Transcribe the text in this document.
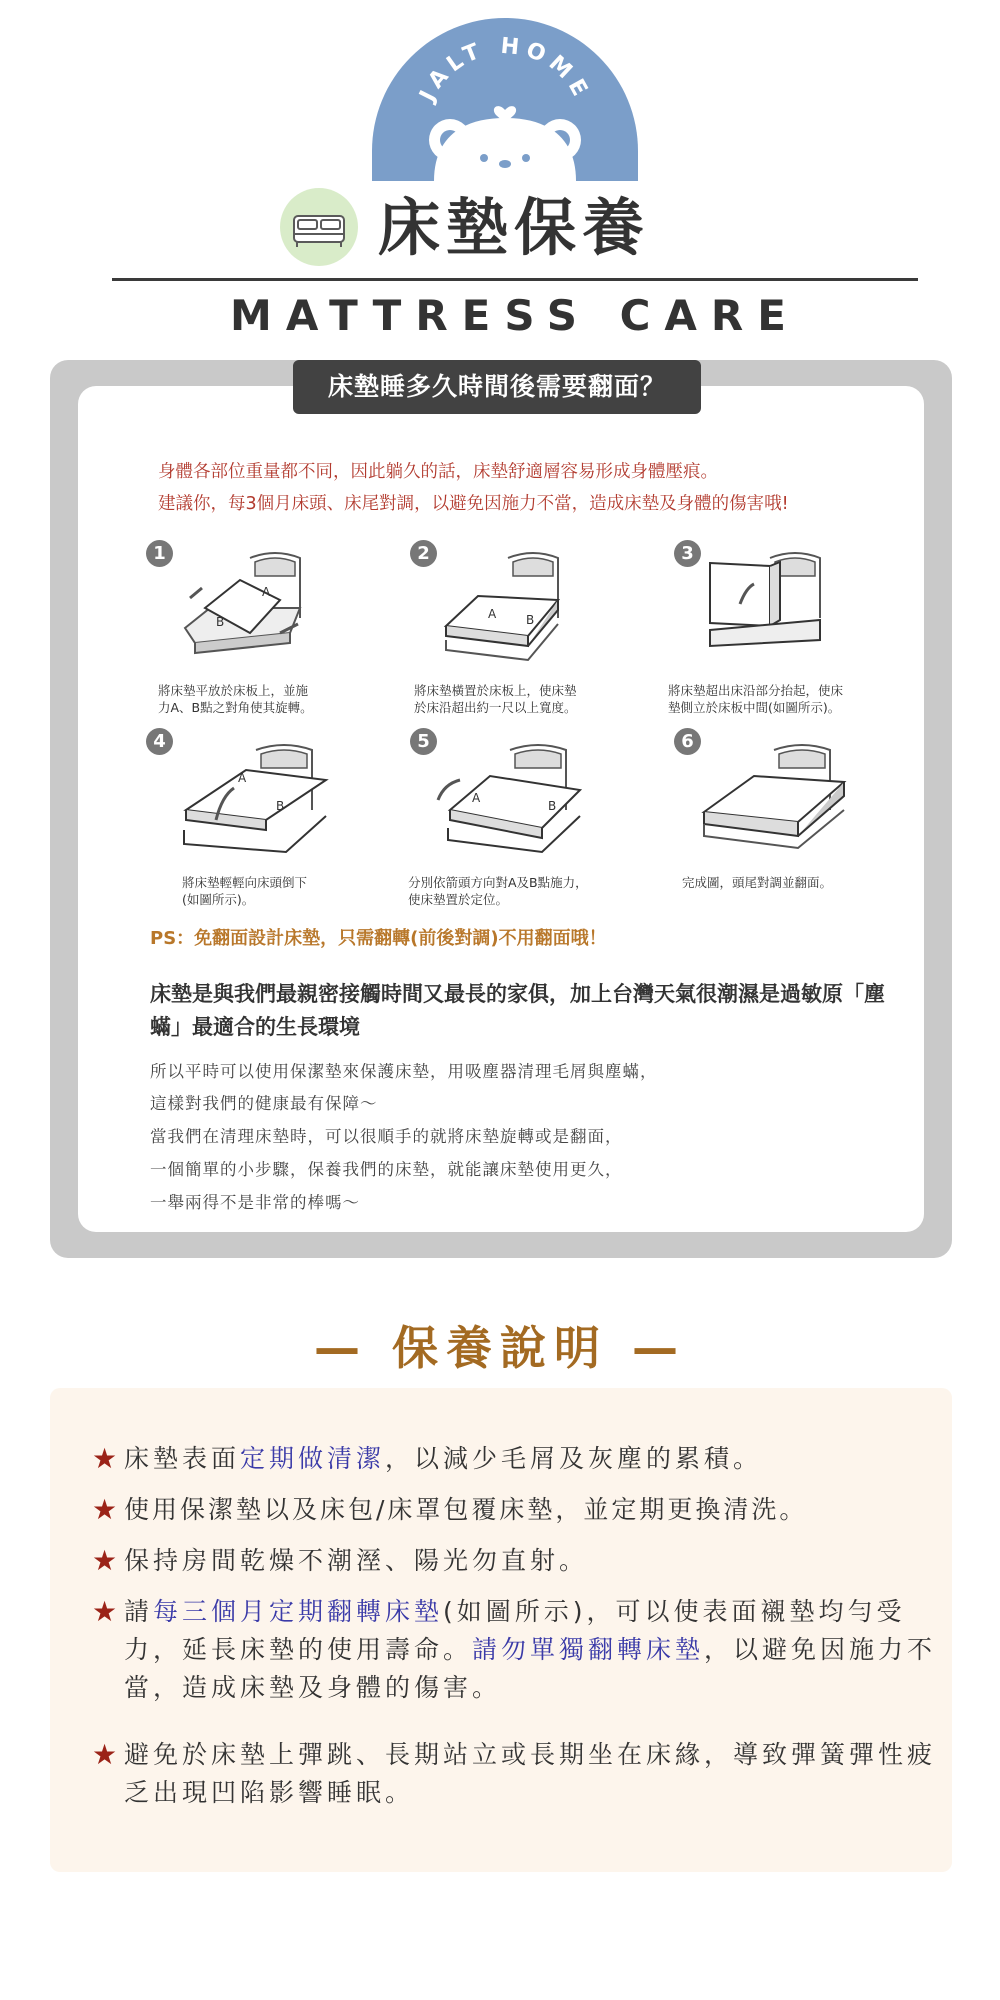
JALT HOME
床墊保養
MATTRESS CARE
床墊睡多久時間後需要翻面？
身體各部位重量都不同，因此躺久的話，床墊舒適層容易形成身體壓痕。
建議你，每3個月床頭、床尾對調，以避免因施力不當，造成床墊及身體的傷害哦!
1
A
B
將床墊平放於床板上，並施
力A、B點之對角使其旋轉。
2
A B
將床墊橫置於床板上，使床墊
於床沿超出約一尺以上寬度。
3
將床墊超出床沿部分抬起，使床
墊側立於床板中間(如圖所示)。
4
A
B
將床墊輕輕向床頭倒下
(如圖所示)。
5
A
B
分別依箭頭方向對A及B點施力，
使床墊置於定位。
6
完成圖，頭尾對調並翻面。
PS：免翻面設計床墊，只需翻轉(前後對調)不用翻面哦！
床墊是與我們最親密接觸時間又最長的家俱，加上台灣天氣很潮濕是過敏原「塵蟎」最適合的生長環境
所以平時可以使用保潔墊來保護床墊，用吸塵器清理毛屑與塵蟎，
這樣對我們的健康最有保障～
當我們在清理床墊時，可以很順手的就將床墊旋轉或是翻面，
一個簡單的小步驟，保養我們的床墊，就能讓床墊使用更久，
一舉兩得不是非常的棒嗎～
— 保養說明 —
★ 床墊表面定期做清潔，以減少毛屑及灰塵的累積。
★ 使用保潔墊以及床包/床罩包覆床墊，並定期更換清洗。
★ 保持房間乾燥不潮溼、陽光勿直射。
★ 請每三個月定期翻轉床墊(如圖所示)，可以使表面襯墊均勻受力，延長床墊的使用壽命。請勿單獨翻轉床墊，以避免因施力不當，造成床墊及身體的傷害。
★ 避免於床墊上彈跳、長期站立或長期坐在床緣，導致彈簧彈性疲乏出現凹陷影響睡眠。
